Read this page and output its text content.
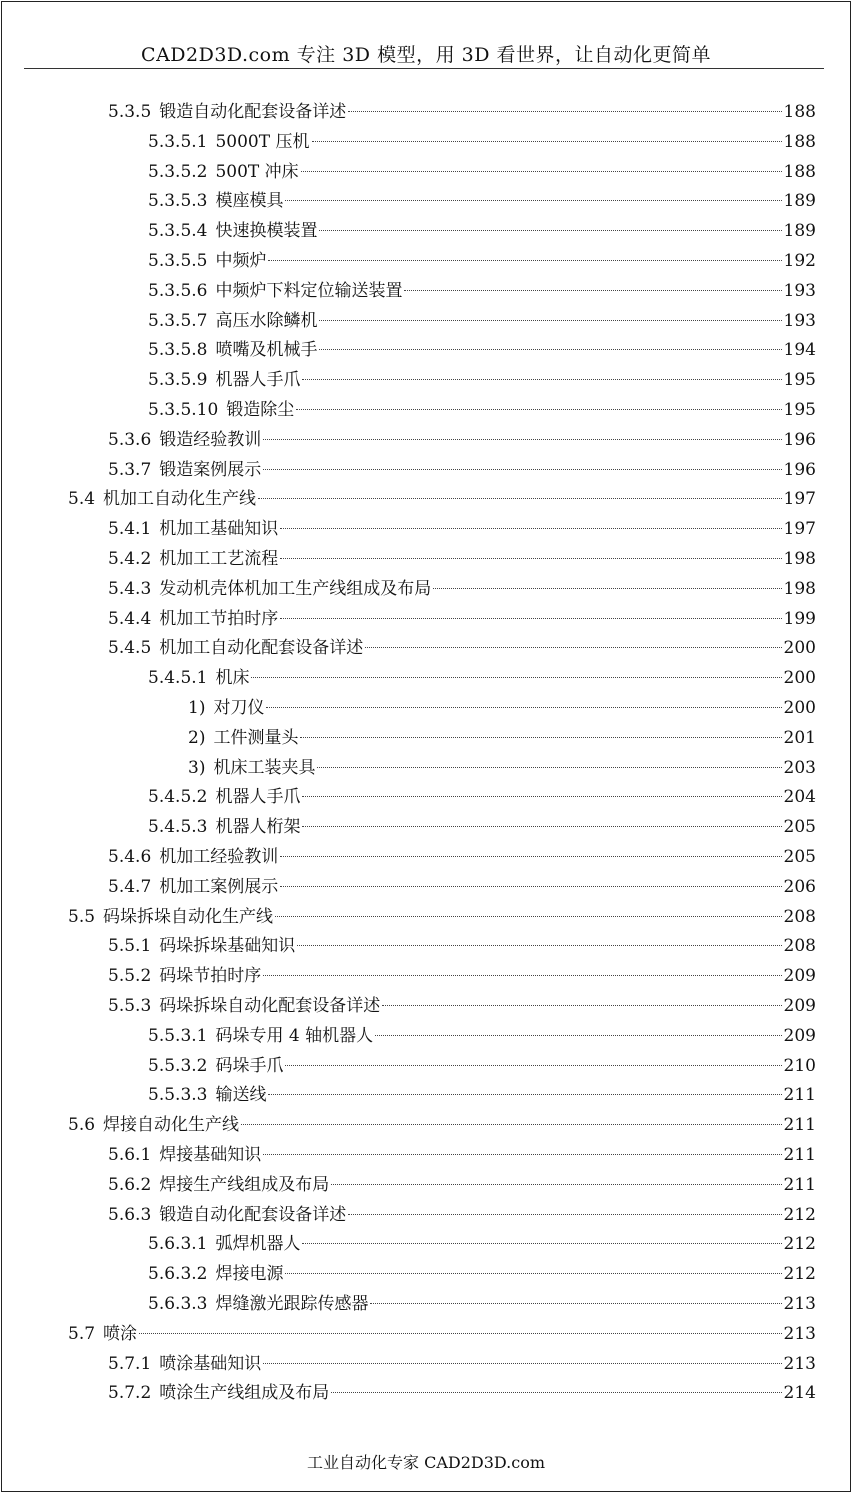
CAD2D3D.com 专注 3D 模型，用 3D 看世界，让自动化更简单
5.3.5 锻造自动化配套设备详述	188
5.3.5.1 5000T 压机	188
5.3.5.2 500T 冲床	188
5.3.5.3 模座模具	189
5.3.5.4 快速换模装置	189
5.3.5.5 中频炉	192
5.3.5.6 中频炉下料定位输送装置	193
5.3.5.7 高压水除鳞机	193
5.3.5.8 喷嘴及机械手	194
5.3.5.9 机器人手爪	195
5.3.5.10 锻造除尘	195
5.3.6 锻造经验教训	196
5.3.7 锻造案例展示	196
5.4 机加工自动化生产线	197
5.4.1 机加工基础知识	197
5.4.2 机加工工艺流程	198
5.4.3 发动机壳体机加工生产线组成及布局	198
5.4.4 机加工节拍时序	199
5.4.5 机加工自动化配套设备详述	200
5.4.5.1 机床	200
1) 对刀仪	200
2) 工件测量头	201
3) 机床工装夹具	203
5.4.5.2 机器人手爪	204
5.4.5.3 机器人桁架	205
5.4.6 机加工经验教训	205
5.4.7 机加工案例展示	206
5.5 码垛拆垛自动化生产线	208
5.5.1 码垛拆垛基础知识	208
5.5.2 码垛节拍时序	209
5.5.3 码垛拆垛自动化配套设备详述	209
5.5.3.1 码垛专用 4 轴机器人	209
5.5.3.2 码垛手爪	210
5.5.3.3 输送线	211
5.6 焊接自动化生产线	211
5.6.1 焊接基础知识	211
5.6.2 焊接生产线组成及布局	211
5.6.3 锻造自动化配套设备详述	212
5.6.3.1 弧焊机器人	212
5.6.3.2 焊接电源	212
5.6.3.3 焊缝激光跟踪传感器	213
5.7 喷涂	213
5.7.1 喷涂基础知识	213
5.7.2 喷涂生产线组成及布局	214
工业自动化专家 CAD2D3D.com
